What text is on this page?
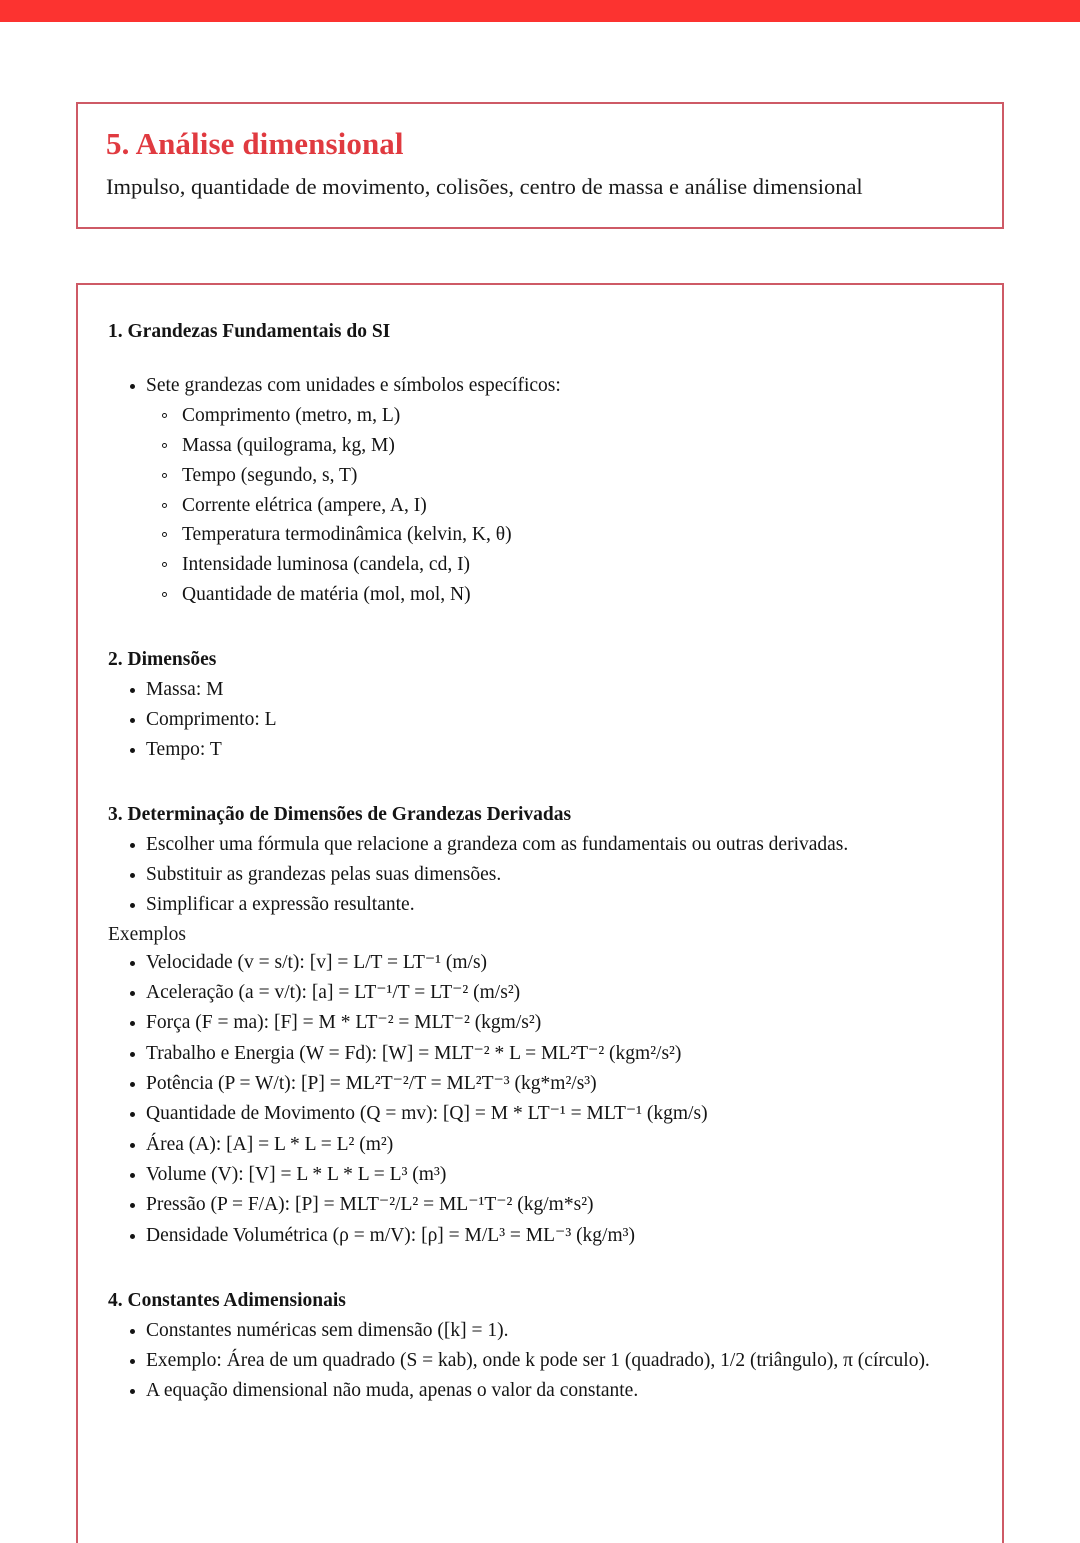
5. Análise dimensional

Impulso, quantidade de movimento, colisões, centro de massa e análise dimensional

1. Grandezas Fundamentais do SI
Sete grandezas com unidades e símbolos específicos:
Comprimento (metro, m, L)
Massa (quilograma, kg, M)
Tempo (segundo, s, T)
Corrente elétrica (ampere, A, I)
Temperatura termodinâmica (kelvin, K, θ)
Intensidade luminosa (candela, cd, I)
Quantidade de matéria (mol, mol, N)
2. Dimensões
Massa: M
Comprimento: L
Tempo: T
3. Determinação de Dimensões de Grandezas Derivadas
Escolher uma fórmula que relacione a grandeza com as fundamentais ou outras derivadas.
Substituir as grandezas pelas suas dimensões.
Simplificar a expressão resultante.

Exemplos

Velocidade (v = s/t): [v] = L/T = LT⁻¹ (m/s)
Aceleração (a = v/t): [a] = LT⁻¹/T = LT⁻² (m/s²)
Força (F = ma): [F] = M * LT⁻² = MLT⁻² (kgm/s²)
Trabalho e Energia (W = Fd): [W] = MLT⁻² * L = ML²T⁻² (kgm²/s²)
Potência (P = W/t): [P] = ML²T⁻²/T = ML²T⁻³ (kg*m²/s³)
Quantidade de Movimento (Q = mv): [Q] = M * LT⁻¹ = MLT⁻¹ (kgm/s)
Área (A): [A] = L * L = L² (m²)
Volume (V): [V] = L * L * L = L³ (m³)
Pressão (P = F/A): [P] = MLT⁻²/L² = ML⁻¹T⁻² (kg/m*s²)
Densidade Volumétrica (ρ = m/V): [ρ] = M/L³ = ML⁻³ (kg/m³)
4. Constantes Adimensionais
Constantes numéricas sem dimensão ([k] = 1).
Exemplo: Área de um quadrado (S = kab), onde k pode ser 1 (quadrado), 1/2 (triângulo), π (círculo).
A equação dimensional não muda, apenas o valor da constante.
